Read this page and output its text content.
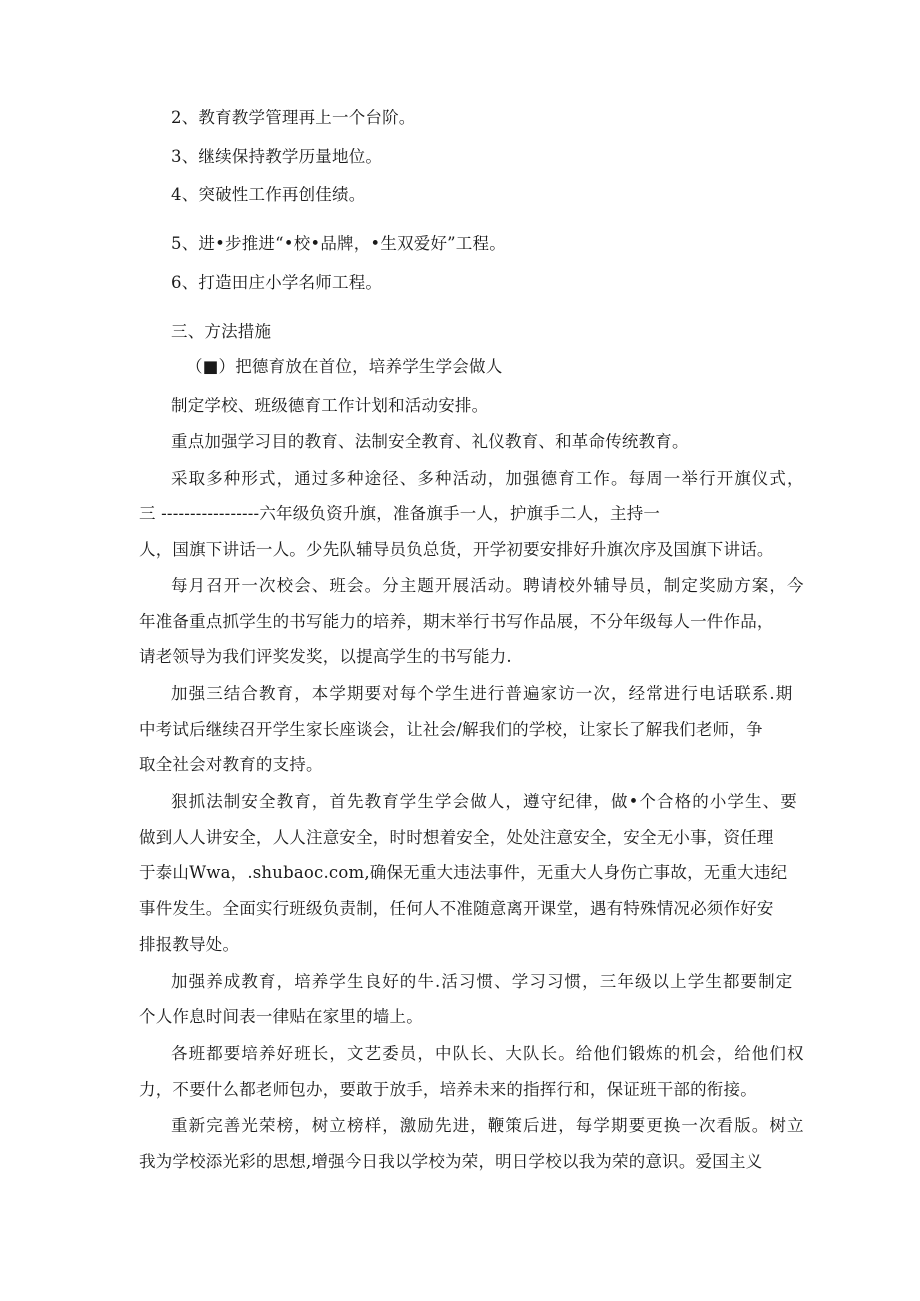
2、教育教学管理再上一个台阶。

3、继续保持教学历量地位。

4、突破性工作再创佳绩。

5、进•步推进“•校•品牌，•生双爱好”工程。

6、打造田庄小学名师工程。

三、方法措施

（■）把德育放在首位，培养学生学会做人

制定学校、班级德育工作计划和活动安排。

重点加强学习目的教育、法制安全教育、礼仪教育、和革命传统教育。

采取多种形式，通过多种途径、多种活动，加强德育工作。每周一举行开旗仪式，

三 -----------------六年级负资升旗，准备旗手一人，护旗手二人，主持一

人，国旗下讲话一人。少先队辅导员负总货，开学初要安排好升旗次序及国旗下讲话。

每月召开一次校会、班会。分主题开展活动。聘请校外辅导员，制定奖励方案，今

年准备重点抓学生的书写能力的培养，期末举行书写作品展，不分年级每人一件作品，

请老领导为我们评奖发奖，以提高学生的书写能力.

加强三结合教育，本学期要对每个学生进行普遍家访一次，经常进行电话联系.期

中考试后继续召开学生家长座谈会，让社会/解我们的学校，让家长了解我们老师，争

取全社会对教育的支持。

狠抓法制安全教育，首先教育学生学会做人，遵守纪律，做•个合格的小学生、要

做到人人讲安全，人人注意安全，时时想着安全，处处注意安全，安全无小事，资任理

于泰山Wwa，.shubaoc.com,确保无重大违法事件，无重大人身伤亡事故，无重大违纪

事件发生。全面实行班级负责制，任何人不准随意离开课堂，遇有特殊情况必须作好安

排报教导处。

加强养成教育，培养学生良好的牛.活习惯、学习习惯，三年级以上学生都要制定

个人作息时间表一律贴在家里的墙上。

各班都要培养好班长，文艺委员，中队长、大队长。给他们锻炼的机会，给他们权

力，不要什么都老师包办，要敢于放手，培养未来的指挥行和，保证班干部的衔接。

重新完善光荣榜，树立榜样，激励先进，鞭策后进，每学期要更换一次看版。树立

我为学校添光彩的思想,增强今日我以学校为荣，明日学校以我为荣的意识。爱国主义
